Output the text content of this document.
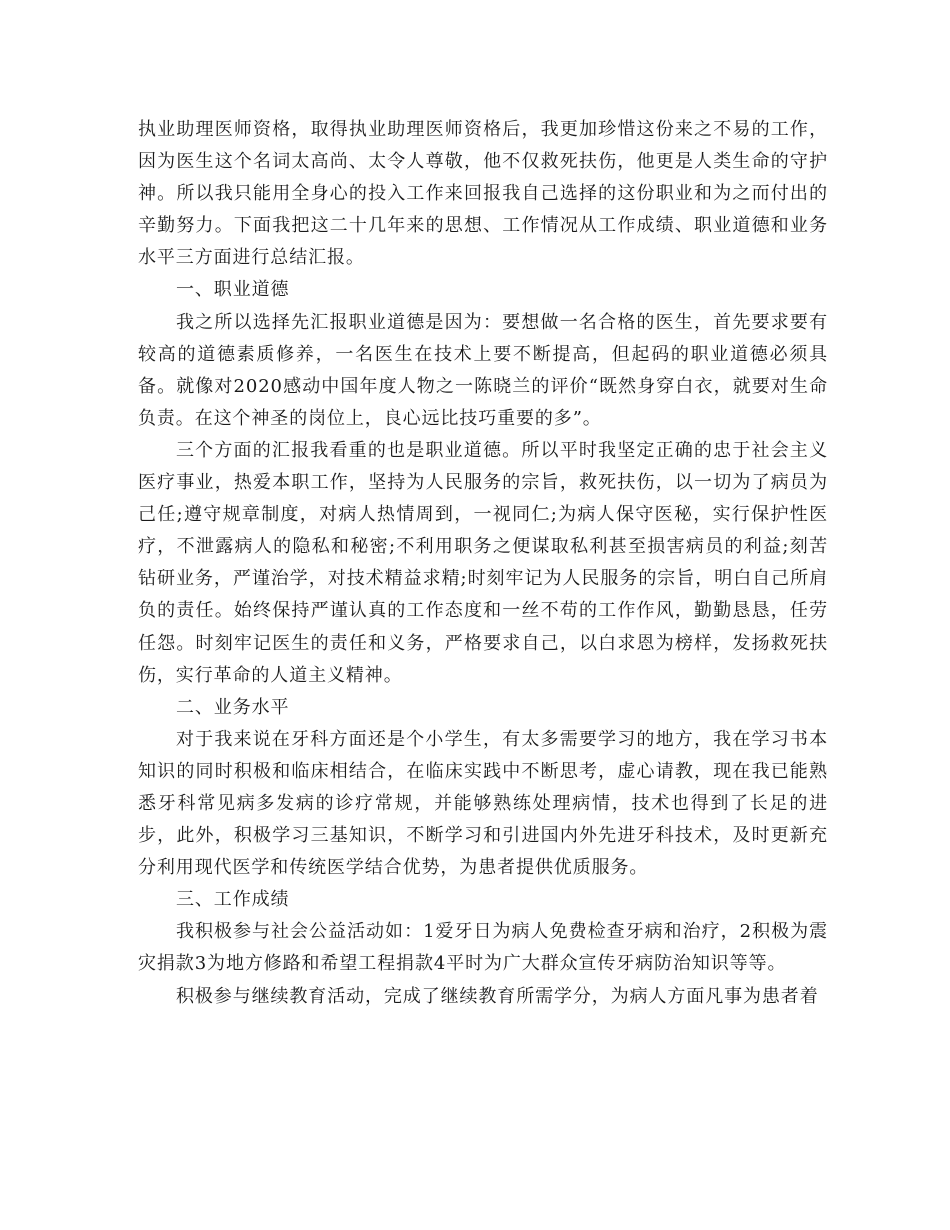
执业助理医师资格，取得执业助理医师资格后，我更加珍惜这份来之不易的工作，因为医生这个名词太高尚、太令人尊敬，他不仅救死扶伤，他更是人类生命的守护神。所以我只能用全身心的投入工作来回报我自己选择的这份职业和为之而付出的辛勤努力。下面我把这二十几年来的思想、工作情况从工作成绩、职业道德和业务水平三方面进行总结汇报。

一、职业道德

我之所以选择先汇报职业道德是因为：要想做一名合格的医生，首先要求要有较高的道德素质修养，一名医生在技术上要不断提高，但起码的职业道德必须具备。就像对2020感动中国年度人物之一陈晓兰的评价“既然身穿白衣，就要对生命负责。在这个神圣的岗位上，良心远比技巧重要的多”。

三个方面的汇报我看重的也是职业道德。所以平时我坚定正确的忠于社会主义医疗事业，热爱本职工作，坚持为人民服务的宗旨，救死扶伤，以一切为了病员为己任;遵守规章制度，对病人热情周到，一视同仁;为病人保守医秘，实行保护性医疗，不泄露病人的隐私和秘密;不利用职务之便谋取私利甚至损害病员的利益;刻苦钻研业务，严谨治学，对技术精益求精;时刻牢记为人民服务的宗旨，明白自己所肩负的责任。始终保持严谨认真的工作态度和一丝不苟的工作作风，勤勤恳恳，任劳任怨。时刻牢记医生的责任和义务，严格要求自己，以白求恩为榜样，发扬救死扶伤，实行革命的人道主义精神。

二、业务水平

对于我来说在牙科方面还是个小学生，有太多需要学习的地方，我在学习书本知识的同时积极和临床相结合，在临床实践中不断思考，虚心请教，现在我已能熟悉牙科常见病多发病的诊疗常规，并能够熟练处理病情，技术也得到了长足的进步，此外，积极学习三基知识，不断学习和引进国内外先进牙科技术，及时更新充分利用现代医学和传统医学结合优势，为患者提供优质服务。

三、工作成绩

我积极参与社会公益活动如：1爱牙日为病人免费检查牙病和治疗，2积极为震灾捐款3为地方修路和希望工程捐款4平时为广大群众宣传牙病防治知识等等。

积极参与继续教育活动，完成了继续教育所需学分，为病人方面凡事为患者着
